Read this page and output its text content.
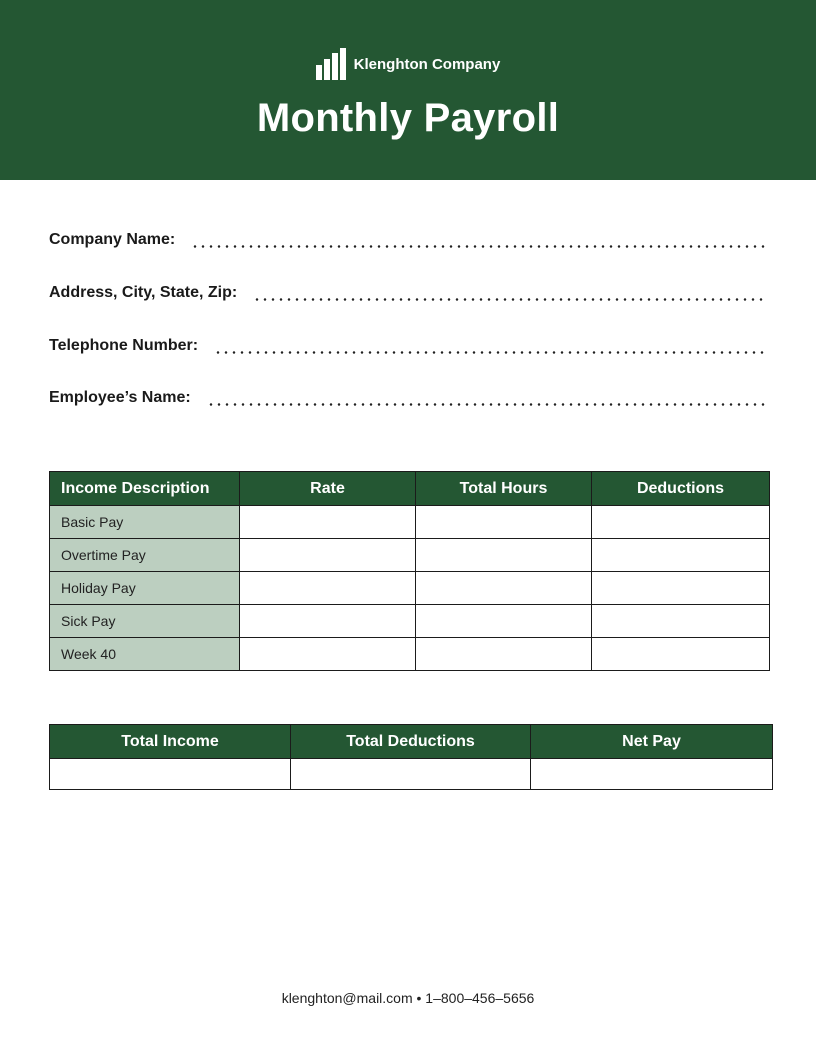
Klenghton Company
Monthly Payroll
Company Name:
Address, City, State, Zip:
Telephone Number:
Employee’s Name:
Income Description	Rate	Total Hours	Deductions
Basic Pay			
Overtime Pay			
Holiday Pay			
Sick Pay			
Week 40			
Total Income	Total Deductions	Net Pay

klenghton@mail.com • 1–800–456–5656
